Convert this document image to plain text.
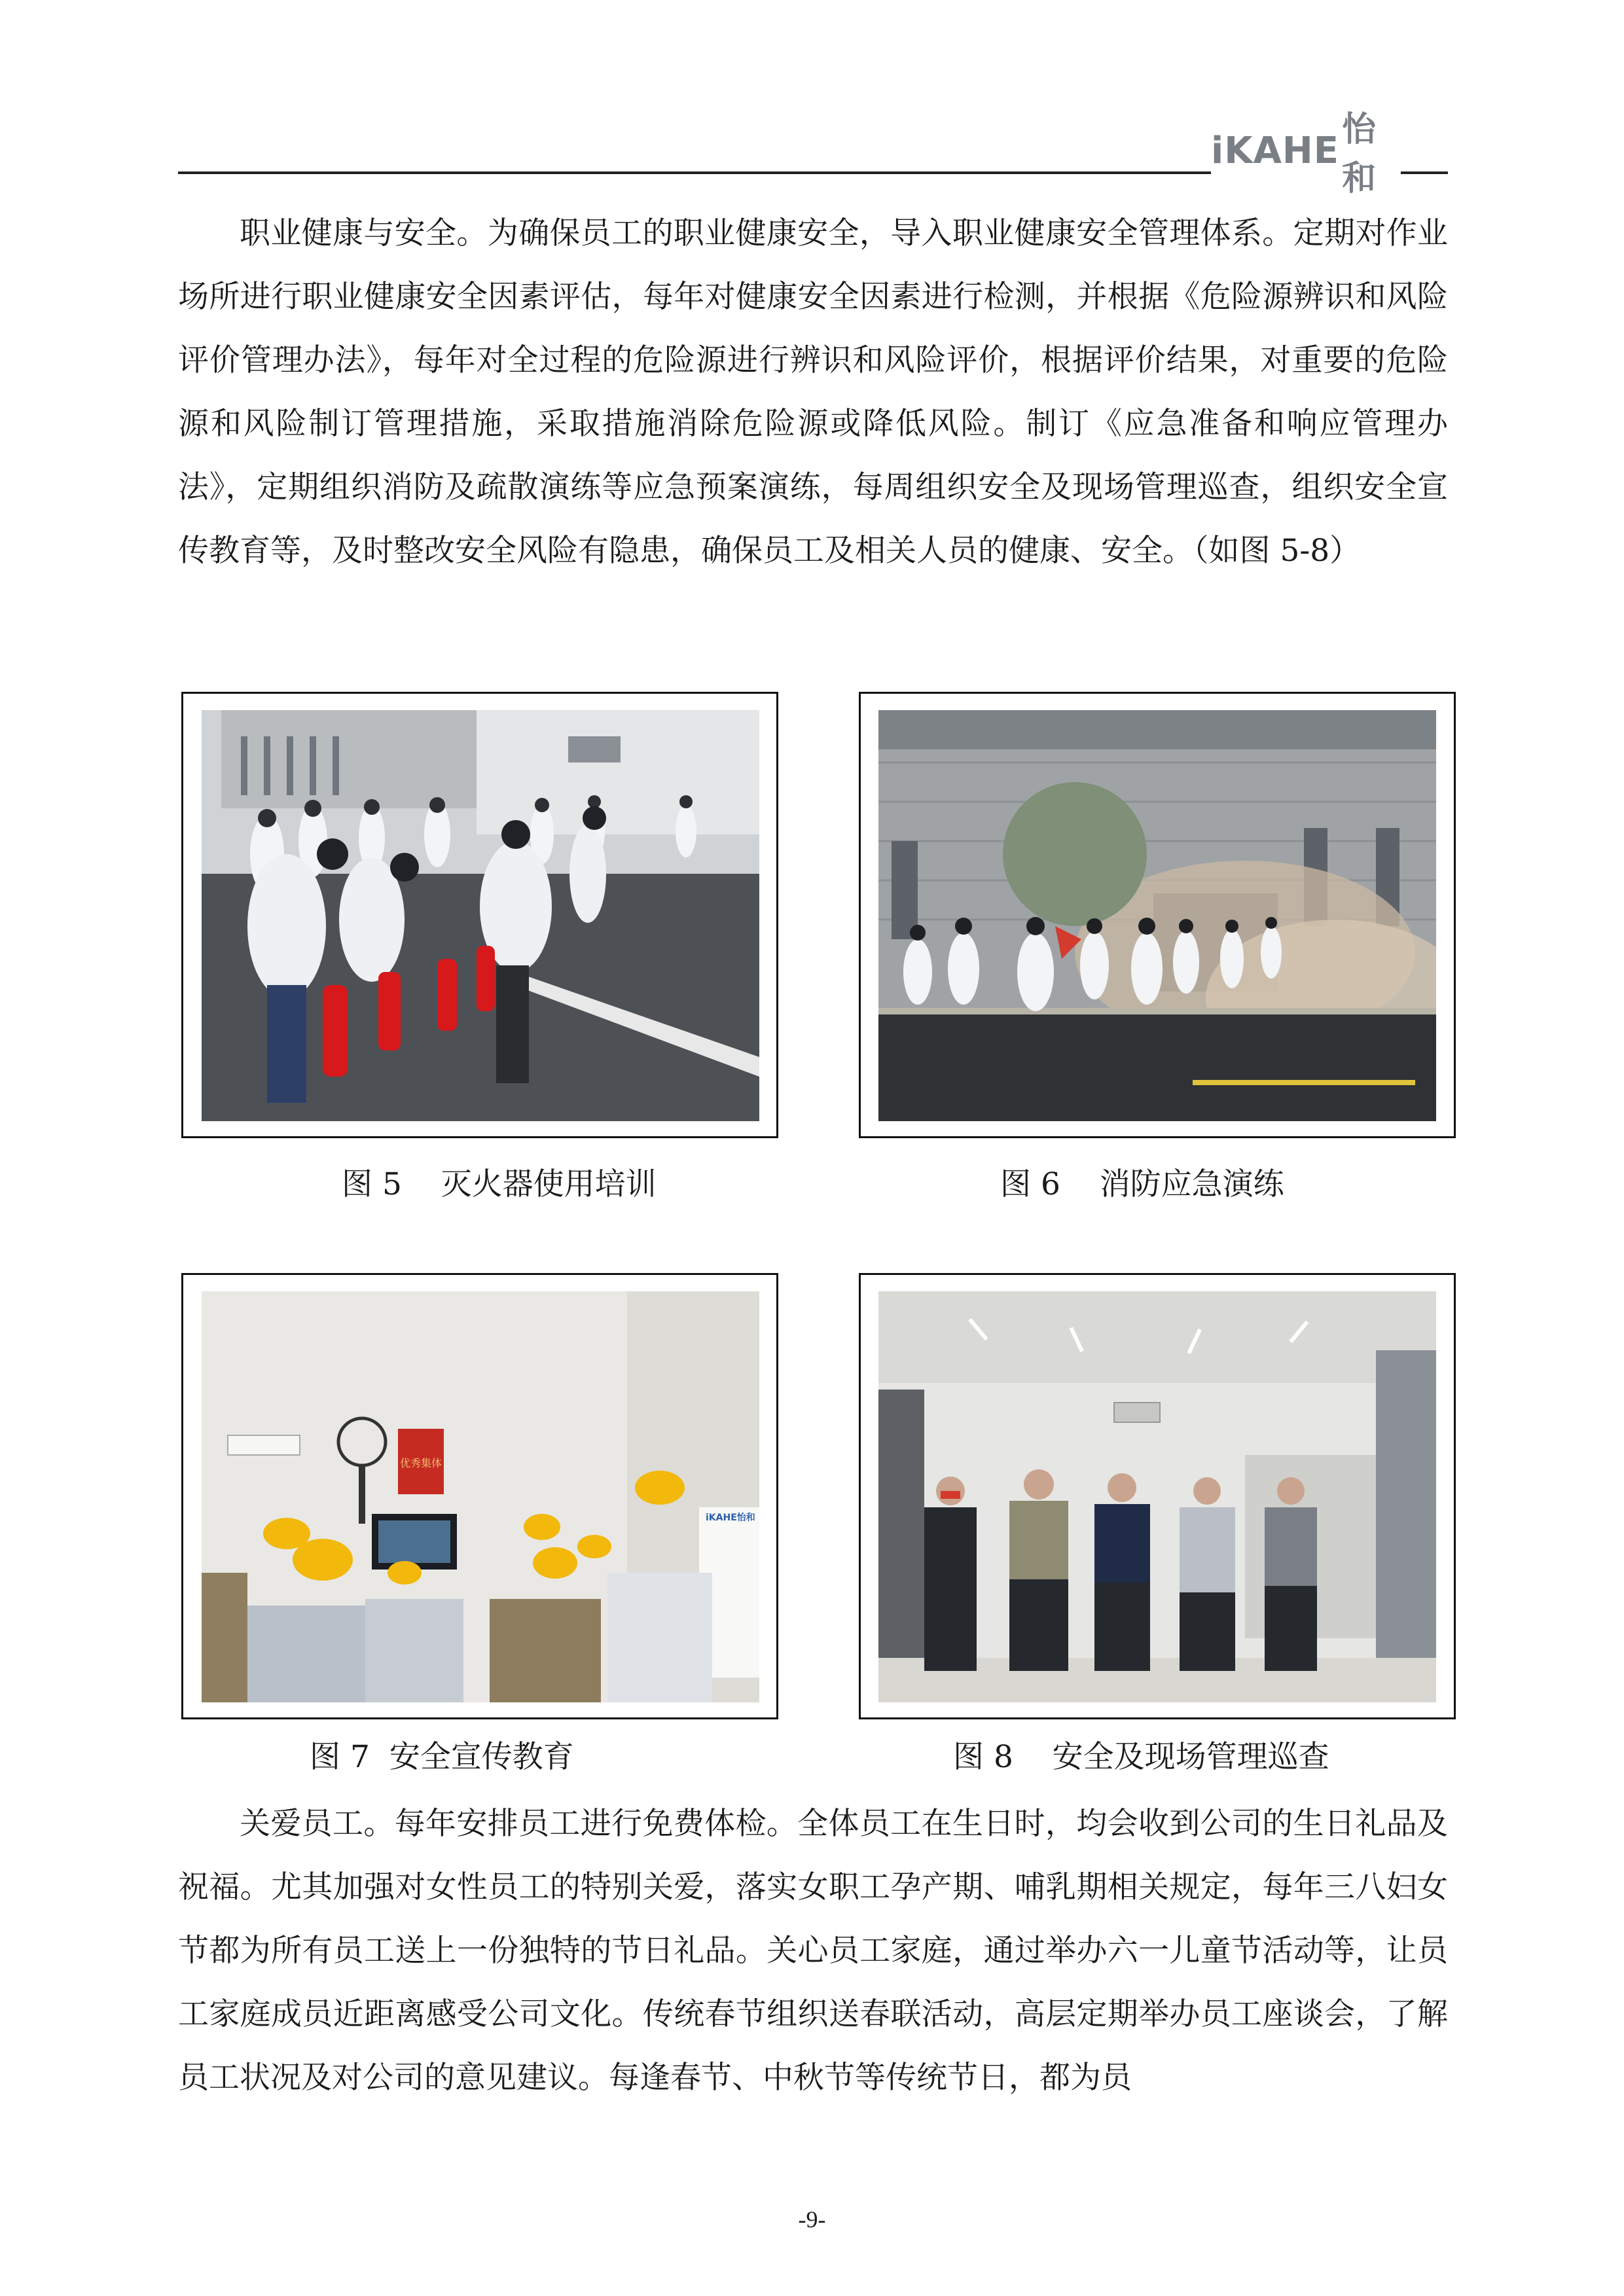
iKAHE 怡和
职业健康与安全。为确保员工的职业健康安全，导入职业健康安全管理体系。定期对作业场所进行职业健康安全因素评估，每年对健康安全因素进行检测，并根据《危险源辨识和风险评价管理办法》，每年对全过程的危险源进行辨识和风险评价，根据评价结果，对重要的危险源和风险制订管理措施，采取措施消除危险源或降低风险。制订《应急准备和响应管理办法》，定期组织消防及疏散演练等应急预案演练，每周组织安全及现场管理巡查，组织安全宣传教育等，及时整改安全风险有隐患，确保员工及相关人员的健康、安全。（如图 5-8）
图 5    灭火器使用培训	图 6    消防应急演练
优秀集体
iKAHE怡和
图 7  安全宣传教育	图 8    安全及现场管理巡查
关爱员工。每年安排员工进行免费体检。全体员工在生日时，均会收到公司的生日礼品及祝福。尤其加强对女性员工的特别关爱，落实女职工孕产期、哺乳期相关规定，每年三八妇女节都为所有员工送上一份独特的节日礼品。关心员工家庭，通过举办六一儿童节活动等，让员工家庭成员近距离感受公司文化。传统春节组织送春联活动，高层定期举办员工座谈会，了解员工状况及对公司的意见建议。每逢春节、中秋节等传统节日，都为员
-9-
